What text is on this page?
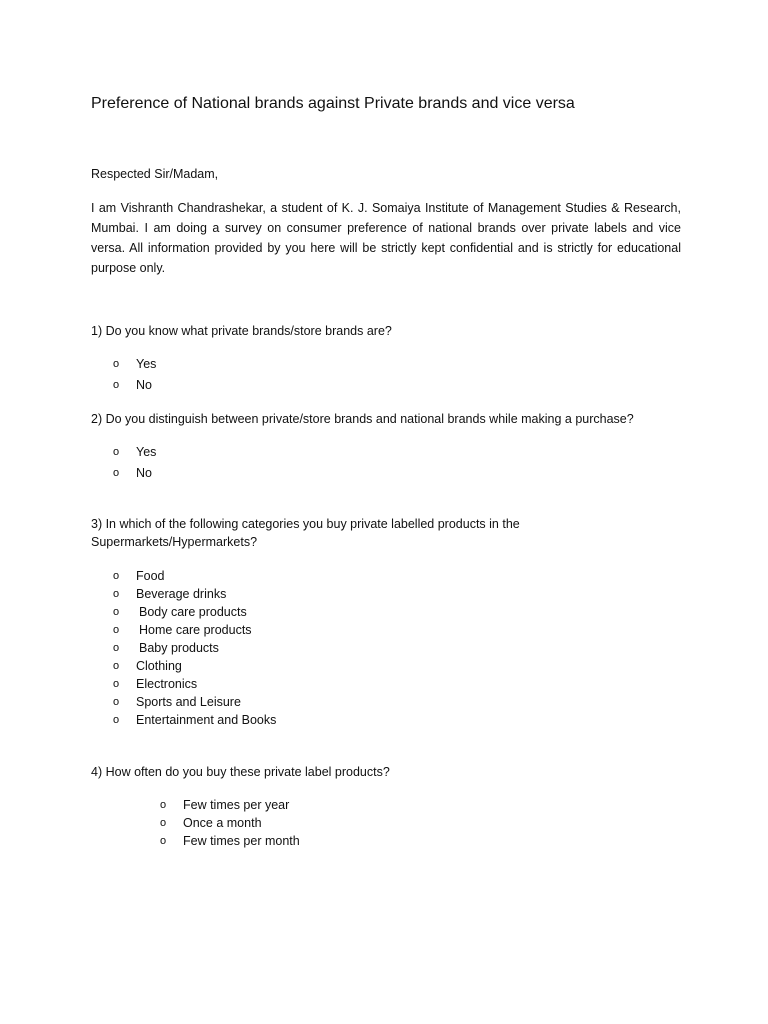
Preference of National brands against Private brands and vice versa
Respected Sir/Madam,

I am Vishranth Chandrashekar, a student of K. J. Somaiya Institute of Management Studies & Research, Mumbai. I am doing a survey on consumer preference of national brands over private labels and vice versa. All information provided by you here will be strictly kept confidential and is strictly for educational purpose only.

1) Do you know what private brands/store brands are?

o Yes
o No

2) Do you distinguish between private/store brands and national brands while making a purchase?

o Yes
o No

3) In which of the following categories you buy private labelled products in the Supermarkets/Hypermarkets?

o Food
o Beverage drinks
o Body care products
o Home care products
o Baby products
o Clothing
o Electronics
o Sports and Leisure
o Entertainment and Books

4) How often do you buy these private label products?

o Few times per year
o Once a month
o Few times per month
